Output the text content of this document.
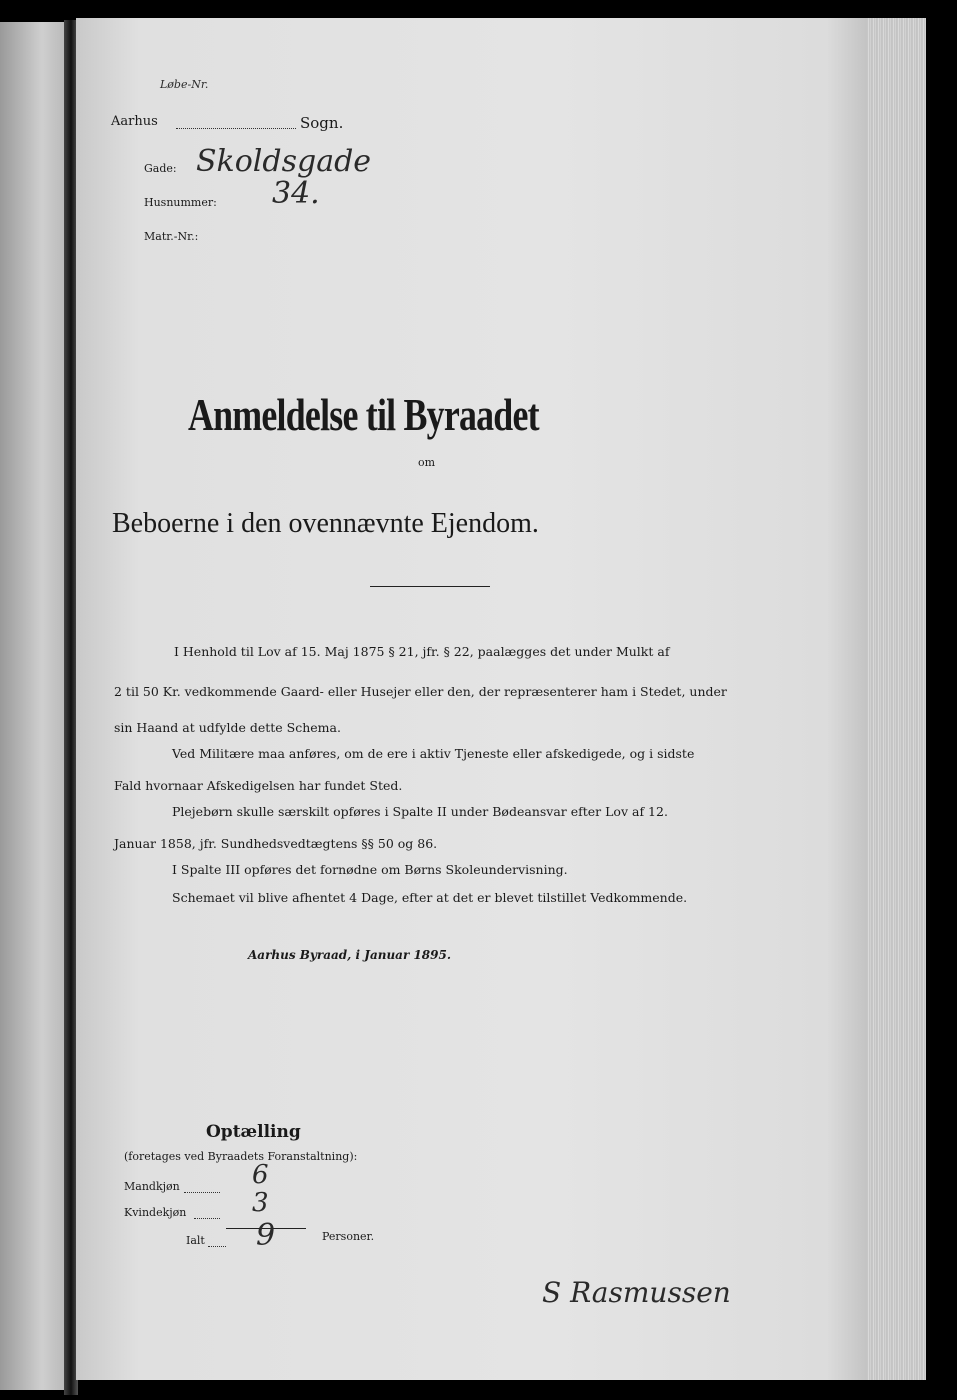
Løbe-Nr.
Aarhus	Sogn.
Gade: Skoldsgade
Husnummer: 34.
Matr.-Nr.:
Anmeldelse til Byraadet
om
Beboerne i den ovennævnte Ejendom.
I Henhold til Lov af 15. Maj 1875 § 21, jfr. § 22, paalægges det under Mulkt af
2 til 50 Kr. vedkommende Gaard- eller Husejer eller den, der repræsenterer ham i Stedet, under
sin Haand at udfylde dette Schema.
Ved Militære maa anføres, om de ere i aktiv Tjeneste eller afskedigede, og i sidste
Fald hvornaar Afskedigelsen har fundet Sted.
Plejebørn skulle særskilt opføres i Spalte II under Bødeansvar efter Lov af 12.
Januar 1858, jfr. Sundhedsvedtægtens §§ 50 og 86.
I Spalte III opføres det fornødne om Børns Skoleundervisning.
Schemaet vil blive afhentet 4 Dage, efter at det er blevet tilstillet Vedkommende.
Aarhus Byraad, i Januar 1895.
Optælling
(foretages ved Byraadets Foranstaltning):
Mandkjøn	6
Kvindekjøn	3
Ialt 9	Personer.
S Rasmussen
